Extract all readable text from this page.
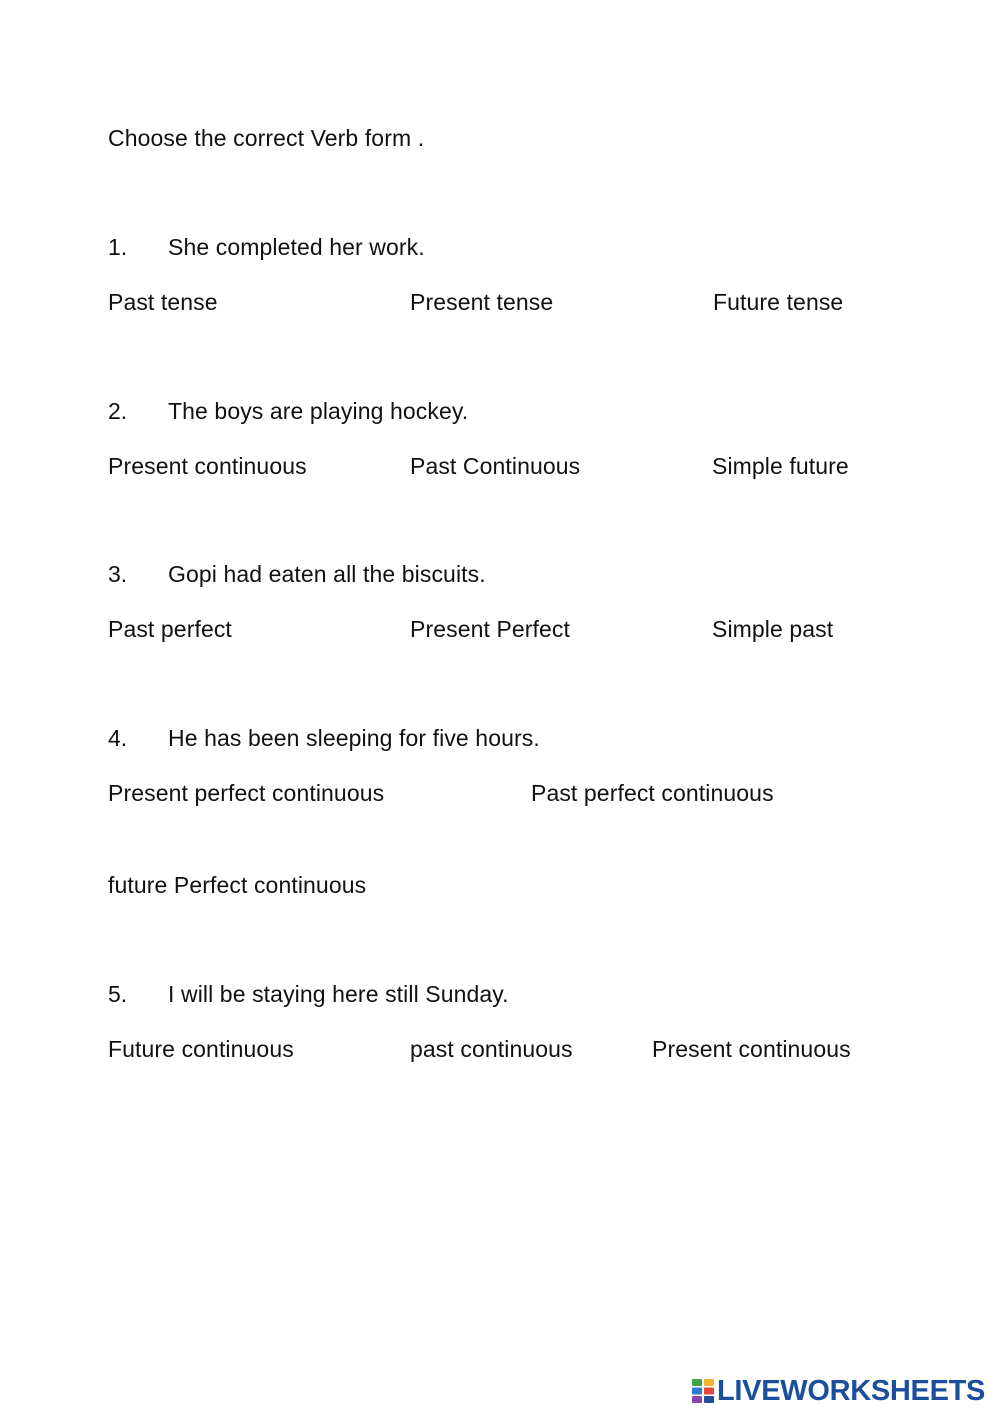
Choose the correct Verb form .
1. She completed her work.
Past tense	Present tense	Future tense
2. The boys are playing hockey.
Present continuous	Past Continuous	Simple future
3. Gopi had eaten all the biscuits.
Past perfect	Present Perfect	Simple past
4. He has been sleeping for five hours.
Present perfect continuous	Past perfect continuous
future Perfect continuous
5. I will be staying here still Sunday.
Future continuous	past continuous	Present continuous
LIVEWORKSHEETS
